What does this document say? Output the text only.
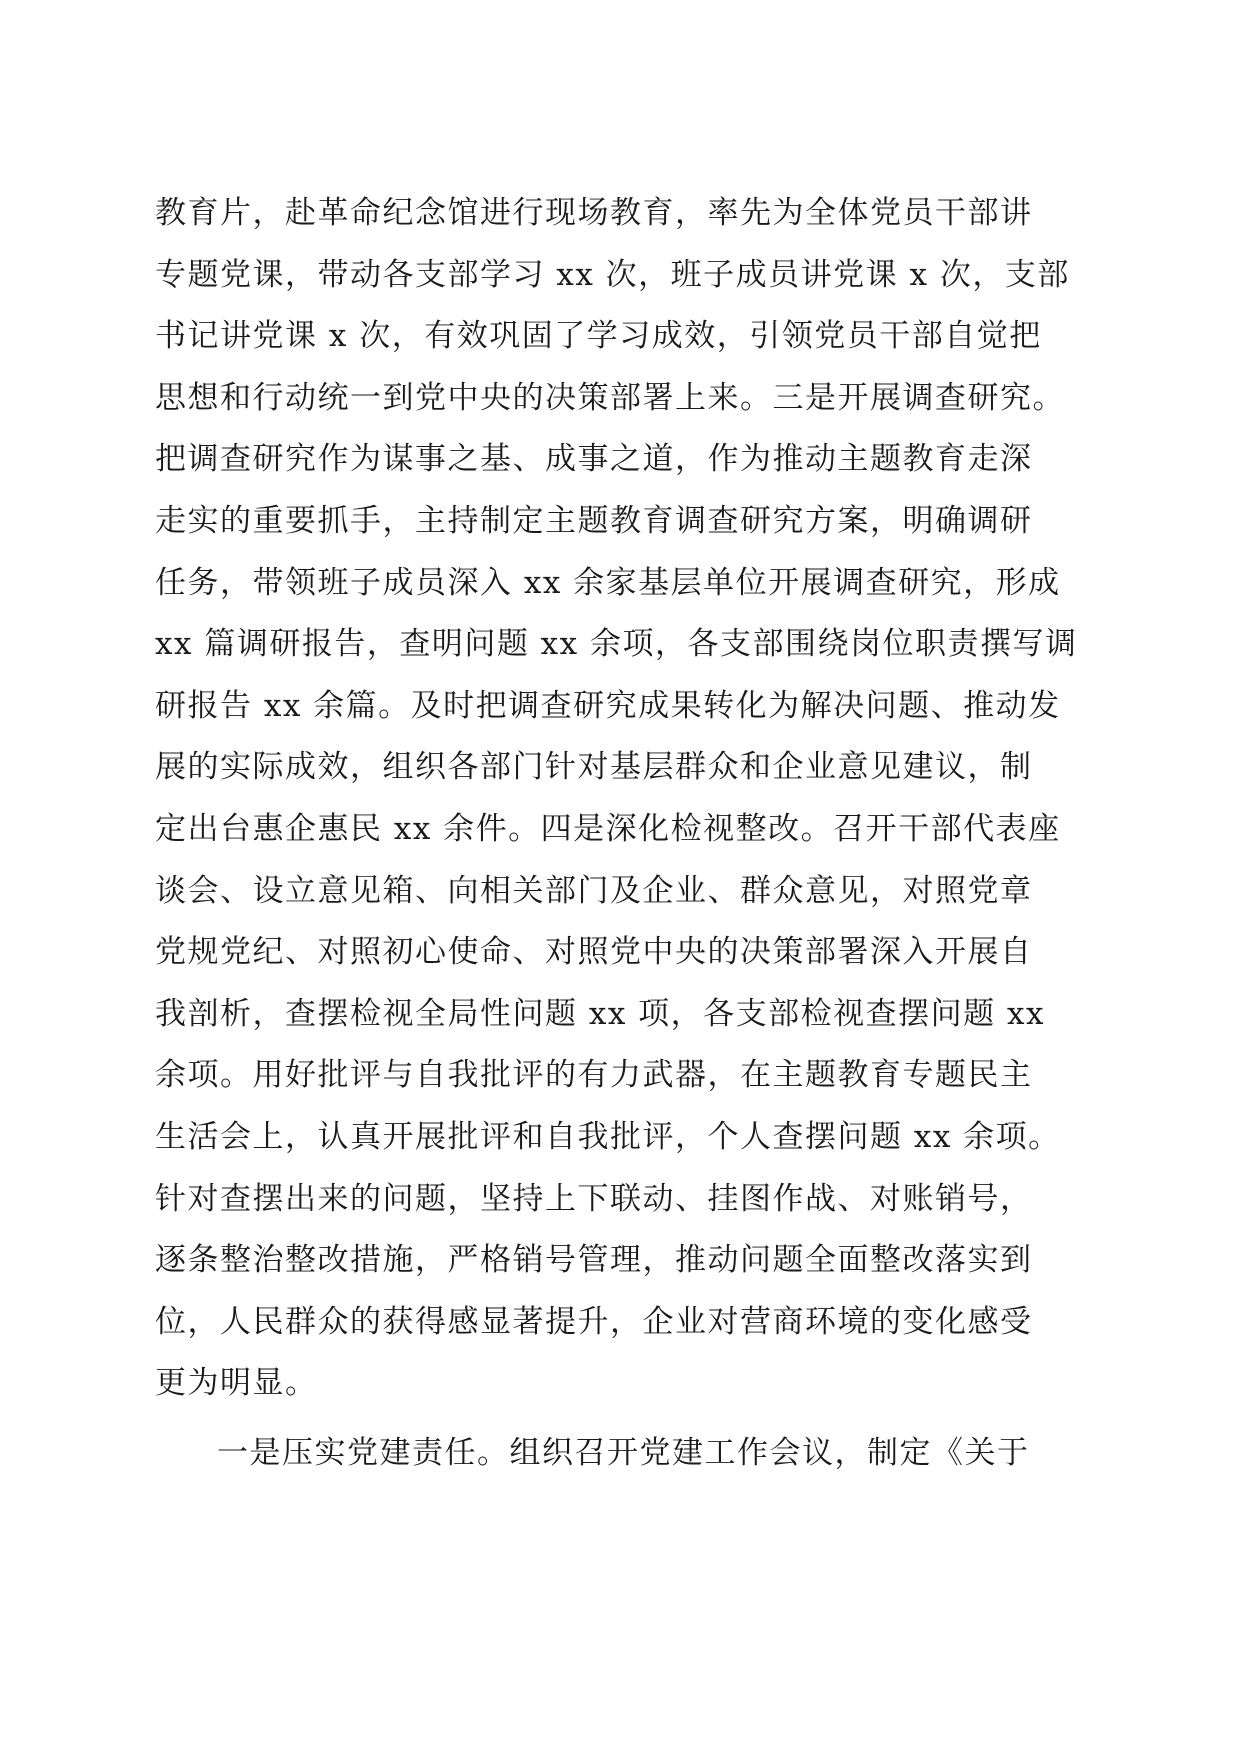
教育片，赴革命纪念馆进行现场教育，率先为全体党员干部讲
专题党课，带动各支部学习 xx 次，班子成员讲党课 x 次，支部
书记讲党课 x 次，有效巩固了学习成效，引领党员干部自觉把
思想和行动统一到党中央的决策部署上来。三是开展调查研究。
把调查研究作为谋事之基、成事之道，作为推动主题教育走深
走实的重要抓手，主持制定主题教育调查研究方案，明确调研
任务，带领班子成员深入 xx 余家基层单位开展调查研究，形成
xx 篇调研报告，查明问题 xx 余项，各支部围绕岗位职责撰写调
研报告 xx 余篇。及时把调查研究成果转化为解决问题、推动发
展的实际成效，组织各部门针对基层群众和企业意见建议，制
定出台惠企惠民 xx 余件。四是深化检视整改。召开干部代表座
谈会、设立意见箱、向相关部门及企业、群众意见，对照党章
党规党纪、对照初心使命、对照党中央的决策部署深入开展自
我剖析，查摆检视全局性问题 xx 项，各支部检视查摆问题 xx
余项。用好批评与自我批评的有力武器，在主题教育专题民主
生活会上，认真开展批评和自我批评，个人查摆问题 xx 余项。
针对查摆出来的问题，坚持上下联动、挂图作战、对账销号，
逐条整治整改措施，严格销号管理，推动问题全面整改落实到
位，人民群众的获得感显著提升，企业对营商环境的变化感受
更为明显。
一是压实党建责任。组织召开党建工作会议，制定《关于
